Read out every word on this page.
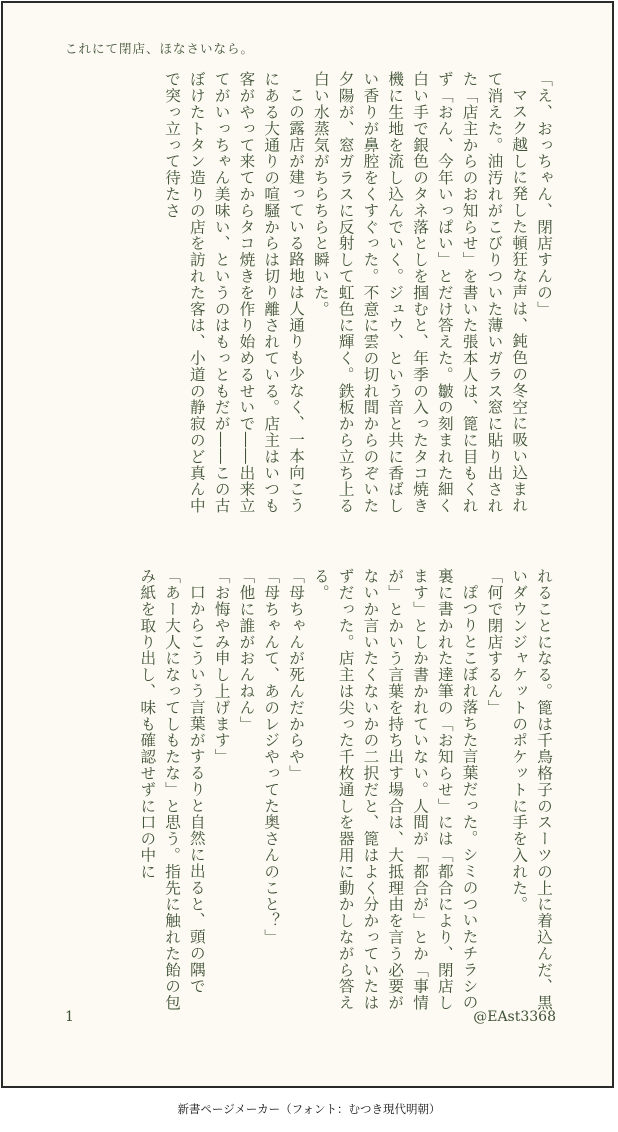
これにて閉店、ほなさいなら。

「え、おっちゃん、閉店すんの」

マスク越しに発した頓狂な声は、鈍色の冬空に吸い込まれて消えた。油汚れがこびりついた薄いガラス窓に貼り出された「店主からのお知らせ」を書いた張本人は、篦に目もくれず「おん、今年いっぱい」とだけ答えた。皺の刻まれた細く白い手で銀色のタネ落としを掴むと、年季の入ったタコ焼き機に生地を流し込んでいく。ジュウ、という音と共に香ばしい香りが鼻腔をくすぐった。不意に雲の切れ間からのぞいた夕陽が、窓ガラスに反射して虹色に輝く。鉄板から立ち上る白い水蒸気がちらちらと瞬いた。

この露店が建っている路地は人通りも少なく、一本向こうにある大通りの喧騒からは切り離されている。店主はいつも客がやって来てからタコ焼きを作り始めるせいで――出来立てがいっちゃん美味い、というのはもっともだが――この古ぼけたトタン造りの店を訪れた客は、小道の静寂のど真ん中で突っ立って待たさ

れることになる。篦は千鳥格子のスーツの上に着込んだ、黒いダウンジャケットのポケットに手を入れた。

「何で閉店するん」

ぽつりとこぼれ落ちた言葉だった。シミのついたチラシの裏に書かれた達筆の「お知らせ」には「都合により、閉店します」としか書かれていない。人間が「都合が」とか「事情が」とかいう言葉を持ち出す場合は、大抵理由を言う必要がないか言いたくないかの二択だと、篦はよく分かっていたはずだった。店主は尖った千枚通しを器用に動かしながら答える。

「母ちゃんが死んだからや」

「母ちゃんて、あのレジやってた奥さんのこと？」

「他に誰がおんねん」

「お悔やみ申し上げます」

口からこういう言葉がするりと自然に出ると、頭の隅で「あー大人になってしもたな」と思う。指先に触れた飴の包み紙を取り出し、味も確認せずに口の中に

1	@EAst3368
新書ページメーカー（フォント：むつき現代明朝）
